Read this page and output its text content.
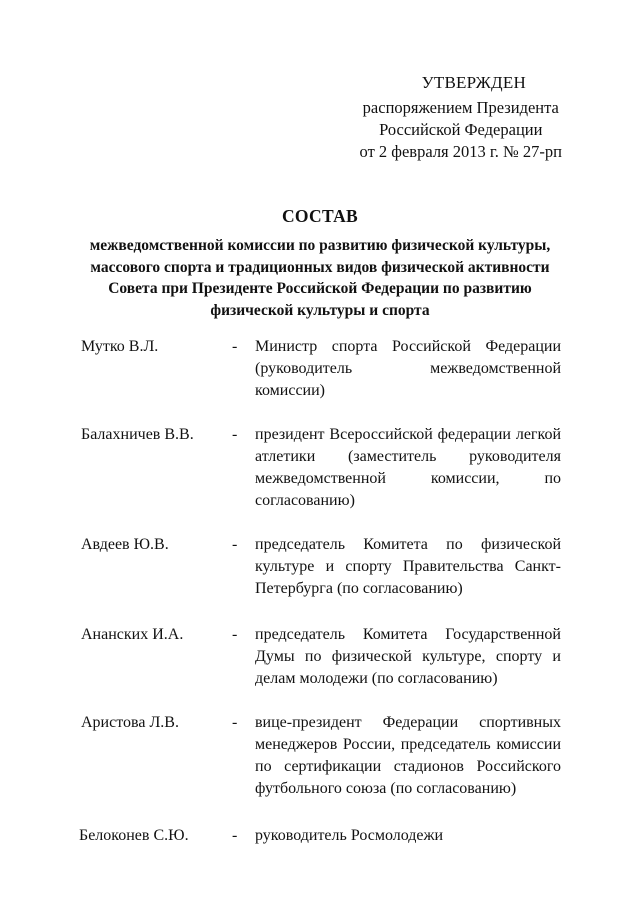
УТВЕРЖДЕН
распоряжением Президента
Российской Федерации
от 2 февраля 2013 г. № 27-рп
СОСТАВ
межведомственной комиссии по развитию физической культуры,
массового спорта и традиционных видов физической активности
Совета при Президенте Российской Федерации по развитию
физической культуры и спорта
Мутко В.Л.	- Министр спорта Российской Федерации
(руководитель межведомственной
комиссии)
Балахничев В.В. - президент Всероссийской федерации легкой
атлетики (заместитель руководителя
межведомственной комиссии, по
согласованию)
Авдеев Ю.В.	- председатель Комитета по физической
культуре и спорту Правительства Санкт-
Петербурга (по согласованию)
Ананских И.А.	- председатель Комитета Государственной
Думы по физической культуре, спорту и
делам молодежи (по согласованию)
Аристова Л.В.	- вице-президент Федерации спортивных
менеджеров России, председатель комиссии
по сертификации стадионов Российского
футбольного союза (по согласованию)
Белоконев С.Ю.	- руководитель Росмолодежи
